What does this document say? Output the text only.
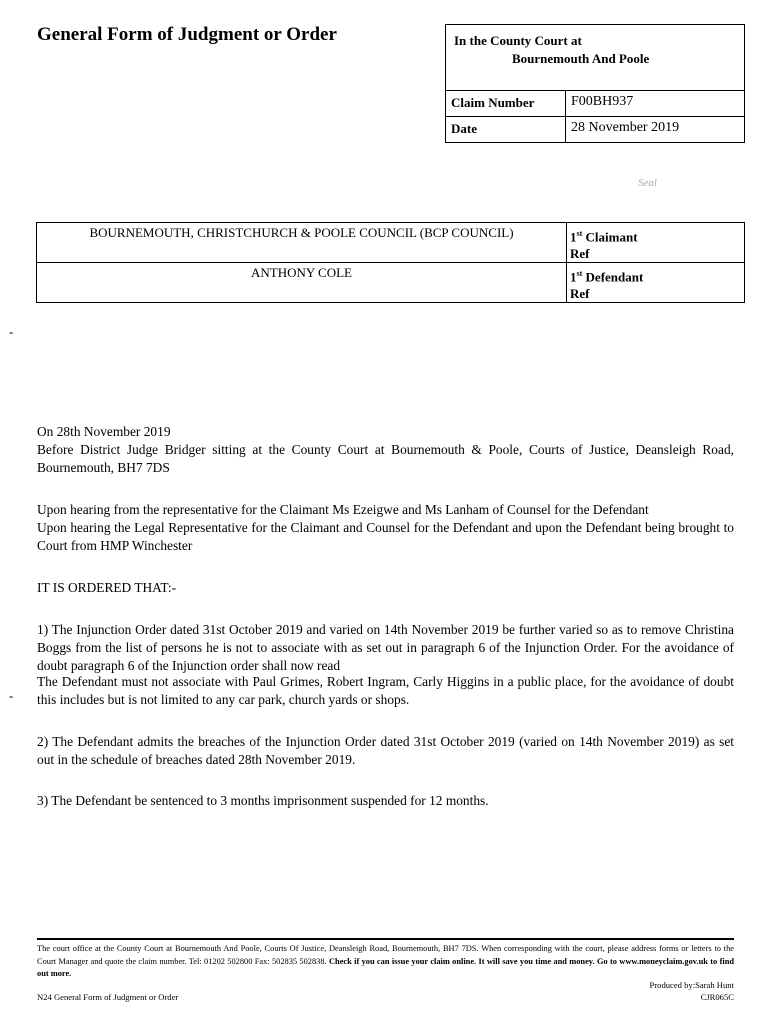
General Form of Judgment or Order	In the County Court at
Bournemouth And Poole
Claim Number	F00BH937
Date	28 November 2019
Seal
BOURNEMOUTH, CHRISTCHURCH & POOLE COUNCIL (BCP COUNCIL)	1st Claimant
Ref
ANTHONY COLE	1st Defendant
Ref
-
-
On 28th November 2019
Before District Judge Bridger sitting at the County Court at Bournemouth & Poole, Courts of Justice, Deansleigh Road, Bournemouth, BH7 7DS
Upon hearing from the representative for the Claimant Ms Ezeigwe and Ms Lanham of Counsel for the Defendant
Upon hearing the Legal Representative for the Claimant and Counsel for the Defendant and upon the Defendant being brought to Court from HMP Winchester
IT IS ORDERED THAT:-
1) The Injunction Order dated 31st October 2019 and varied on 14th November 2019 be further varied so as to remove Christina Boggs from the list of persons he is not to associate with as set out in paragraph 6 of the Injunction Order. For the avoidance of doubt paragraph 6 of the Injunction order shall now read
The Defendant must not associate with Paul Grimes, Robert Ingram, Carly Higgins in a public place, for the avoidance of doubt this includes but is not limited to any car park, church yards or shops.
2) The Defendant admits the breaches of the Injunction Order dated 31st October 2019 (varied on 14th November 2019) as set out in the schedule of breaches dated 28th November 2019.
3) The Defendant be sentenced to 3 months imprisonment suspended for 12 months.
The court office at the County Court at Bournemouth And Poole, Courts Of Justice, Deansleigh Road, Bournemouth, BH7 7DS. When corresponding with the court, please address forms or letters to the Court Manager and quote the claim number. Tel: 01202 502800 Fax: 502835 502838. Check if you can issue your claim online. It will save you time and money. Go to www.moneyclaim.gov.uk to find out more.
Produced by:Sarah Hunt
CJR065C
N24 General Form of Judgment or Order
